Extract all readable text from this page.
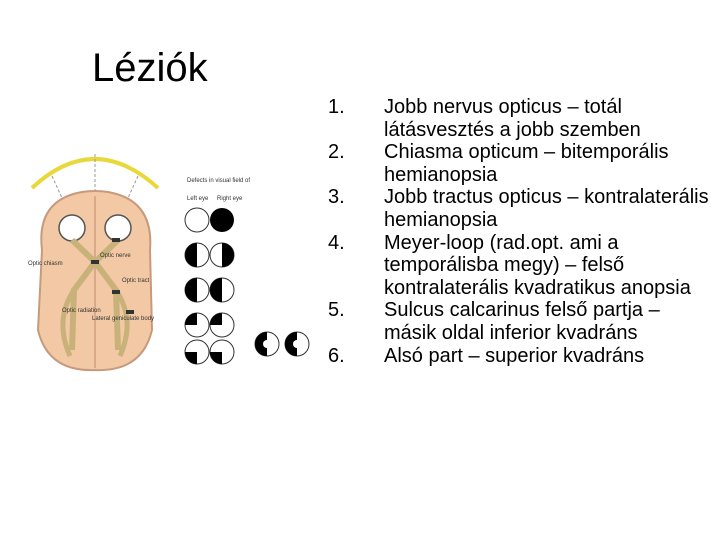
Léziók
Optic nerve
Optic chiasm
Optic tract
Optic radiation
Lateral geniculate body
Defects in visual field of
Left eye Right eye
1.	Jobb nervus opticus – totál látásvesztés a jobb szemben
2.	Chiasma opticum – bitemporális hemianopsia
3.	Jobb tractus opticus – kontralaterális hemianopsia
4.	Meyer-loop (rad.opt. ami a temporálisba megy) – felső kontralaterális kvadratikus anopsia
5.	Sulcus calcarinus felső partja – másik oldal inferior kvadráns
6.	Alsó part – superior kvadráns
